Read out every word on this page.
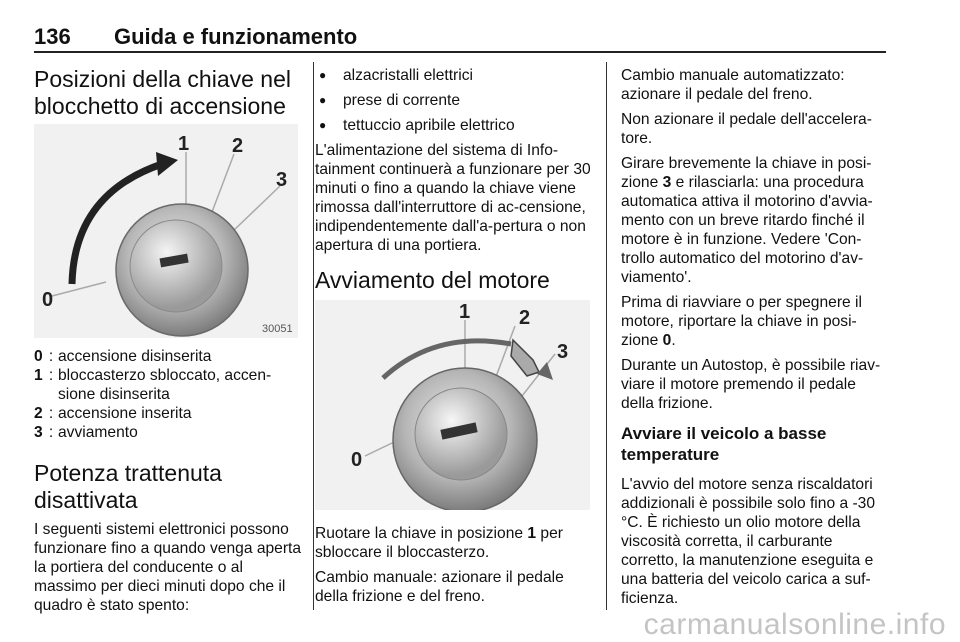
136 Guida e funzionamento
Posizioni della chiave nel blocchetto di accensione
0
1 2
3
30051
0 : accensione disinserita
1 : bloccasterzo sbloccato, accen-sione disinserita
2 : accensione inserita
3 : avviamento
Potenza trattenuta disattivata

I seguenti sistemi elettronici possono funzionare fino a quando venga aperta la portiera del conducente o al massimo per dieci minuti dopo che il quadro è stato spento:

● alzacristalli elettrici
● prese di corrente
● tettuccio apribile elettrico

L'alimentazione del sistema di Info-tainment continuerà a funzionare per 30 minuti o fino a quando la chiave viene rimossa dall'interruttore di ac-censione, indipendentemente dall'a-pertura o non apertura di una portiera.

Avviamento del motore
0
1 2
3

Ruotare la chiave in posizione 1 per sbloccare il bloccasterzo.

Cambio manuale: azionare il pedale della frizione e del freno.

Cambio manuale automatizzato: azionare il pedale del freno.

Non azionare il pedale dell'accelera-tore.

Girare brevemente la chiave in posi-zione 3 e rilasciarla: una procedura automatica attiva il motorino d'avvia-mento con un breve ritardo finché il motore è in funzione. Vedere 'Con-trollo automatico del motorino d'av-viamento'.

Prima di riavviare o per spegnere il motore, riportare la chiave in posi-zione 0.

Durante un Autostop, è possibile riav-viare il motore premendo il pedale della frizione.

Avviare il veicolo a basse temperature

L'avvio del motore senza riscaldatori addizionali è possibile solo fino a -30 °C. È richiesto un olio motore della viscosità corretta, il carburante corretto, la manutenzione eseguita e una batteria del veicolo carica a suf-ficienza.

carmanualsonline.info
